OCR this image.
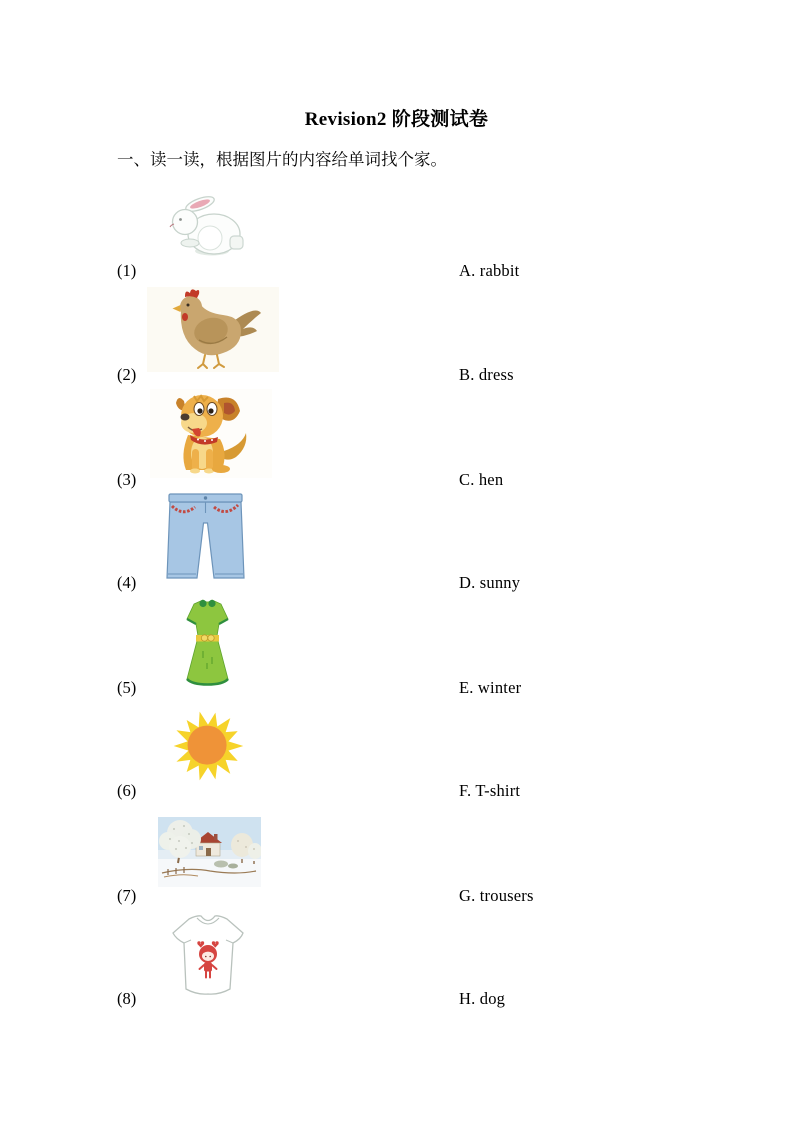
Revision2 阶段测试卷
一、读一读，根据图片的内容给单词找个家。
(1)	A. rabbit
(2)	B. dress
(3)	C. hen
(4)	D. sunny
(5)	E. winter
(6)	F. T-shirt
(7)	G. trousers
(8)	H. dog
